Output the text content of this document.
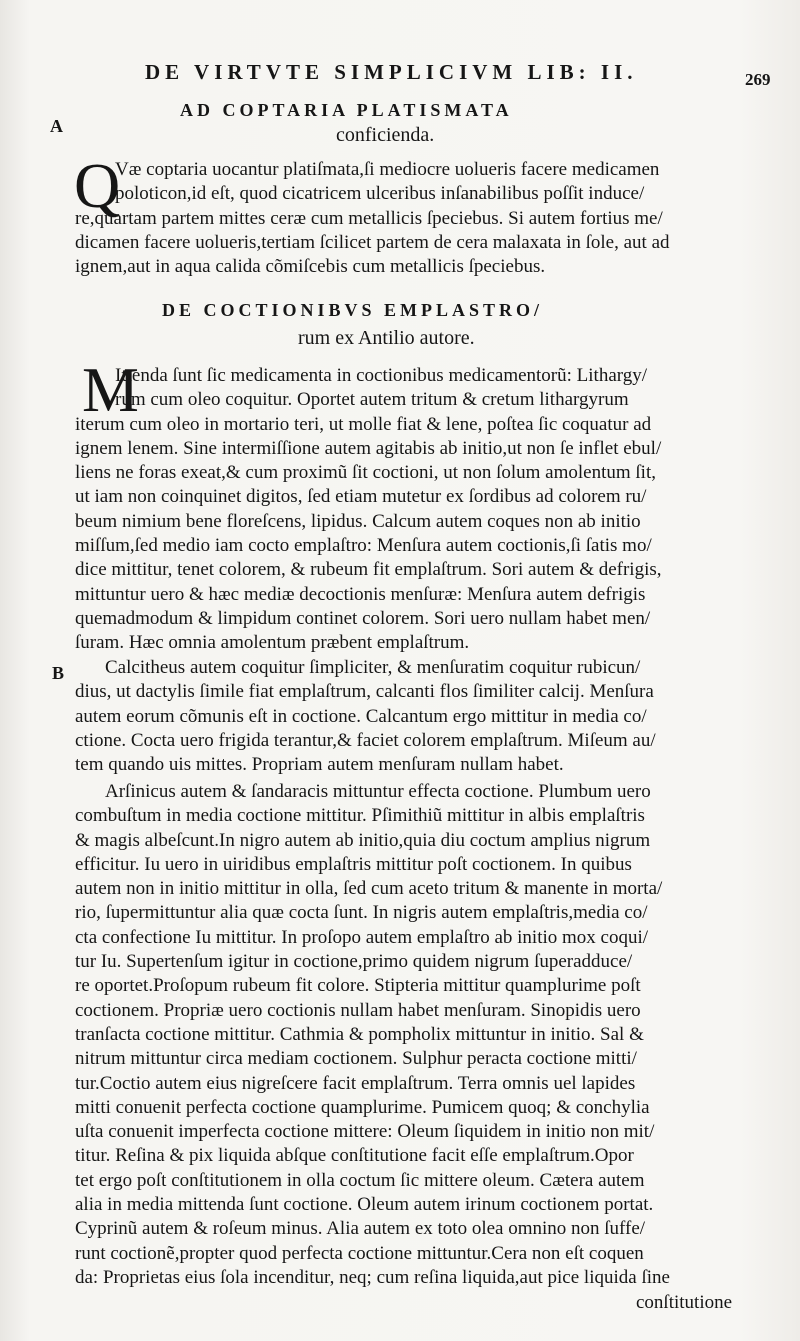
DE VIRTVTE SIMPLICIVM LIB: II.	269
A
B
AD COPTARIA PLATISMATA
conficienda.
Q
Væ coptaria uocantur platiſmata,ſi mediocre uolueris facere medicamen
poloticon,id eſt, quod cicatricem ulceribus inſanabilibus poſſit induce/
re,quartam partem mittes ceræ cum metallicis ſpeciebus. Si autem fortius me/
dicamen facere uolueris,tertiam ſcilicet partem de cera malaxata in ſole, aut ad
ignem,aut in aqua calida cõmiſcebis cum metallicis ſpeciebus.
DE COCTIONIBVS EMPLASTRO/
rum ex Antilio autore.
M
Ittenda ſunt ſic medicamenta in coctionibus medicamentorũ: Lithargy/
rum cum oleo coquitur. Oportet autem tritum & cretum lithargyrum
iterum cum oleo in mortario teri, ut molle fiat & lene, poſtea ſic coquatur ad
ignem lenem. Sine intermiſſione autem agitabis ab initio,ut non ſe inflet ebul/
liens ne foras exeat,& cum proximũ ſit coctioni, ut non ſolum amolentum ſit,
ut iam non coinquinet digitos, ſed etiam mutetur ex ſordibus ad colorem ru/
beum nimium bene floreſcens, lipidus. Calcum autem coques non ab initio
miſſum,ſed medio iam cocto emplaſtro: Menſura autem coctionis,ſi ſatis mo/
dice mittitur, tenet colorem, & rubeum fit emplaſtrum. Sori autem & defrigis,
mittuntur uero & hæc mediæ decoctionis menſuræ: Menſura autem defrigis
quemadmodum & limpidum continet colorem. Sori uero nullam habet men/
ſuram. Hæc omnia amolentum præbent emplaſtrum.
Calcitheus autem coquitur ſimpliciter, & menſuratim coquitur rubicun/
dius, ut dactylis ſimile fiat emplaſtrum, calcanti flos ſimiliter calcij. Menſura
autem eorum cõmunis eſt in coctione. Calcantum ergo mittitur in media co/
ctione. Cocta uero frigida terantur,& faciet colorem emplaſtrum. Miſeum au/
tem quando uis mittes. Propriam autem menſuram nullam habet.
Arſinicus autem & ſandaracis mittuntur effecta coctione. Plumbum uero
combuſtum in media coctione mittitur. Pſimithiũ mittitur in albis emplaſtris
& magis albeſcunt.In nigro autem ab initio,quia diu coctum amplius nigrum
efficitur. Iu uero in uiridibus emplaſtris mittitur poſt coctionem. In quibus
autem non in initio mittitur in olla, ſed cum aceto tritum & manente in morta/
rio, ſupermittuntur alia quæ cocta ſunt. In nigris autem emplaſtris,media co/
cta confectione Iu mittitur. In proſopo autem emplaſtro ab initio mox coqui/
tur Iu. Supertenſum igitur in coctione,primo quidem nigrum ſuperadduce/
re oportet.Proſopum rubeum fit colore. Stipteria mittitur quamplurime poſt
coctionem. Propriæ uero coctionis nullam habet menſuram. Sinopidis uero
tranſacta coctione mittitur. Cathmia & pompholix mittuntur in initio. Sal &
nitrum mittuntur circa mediam coctionem. Sulphur peracta coctione mitti/
tur.Coctio autem eius nigreſcere facit emplaſtrum. Terra omnis uel lapides
mitti conuenit perfecta coctione quamplurime. Pumicem quoq; & conchylia
uſta conuenit imperfecta coctione mittere: Oleum ſiquidem in initio non mit/
titur. Reſina & pix liquida abſque conſtitutione facit eſſe emplaſtrum.Opor
tet ergo poſt conſtitutionem in olla coctum ſic mittere oleum. Cætera autem
alia in media mittenda ſunt coctione. Oleum autem irinum coctionem portat.
Cyprinũ autem & roſeum minus. Alia autem ex toto olea omnino non ſuffe/
runt coctionẽ,propter quod perfecta coctione mittuntur.Cera non eſt coquen
da: Proprietas eius ſola incenditur, neq; cum reſina liquida,aut pice liquida ſine
conſtitutione
